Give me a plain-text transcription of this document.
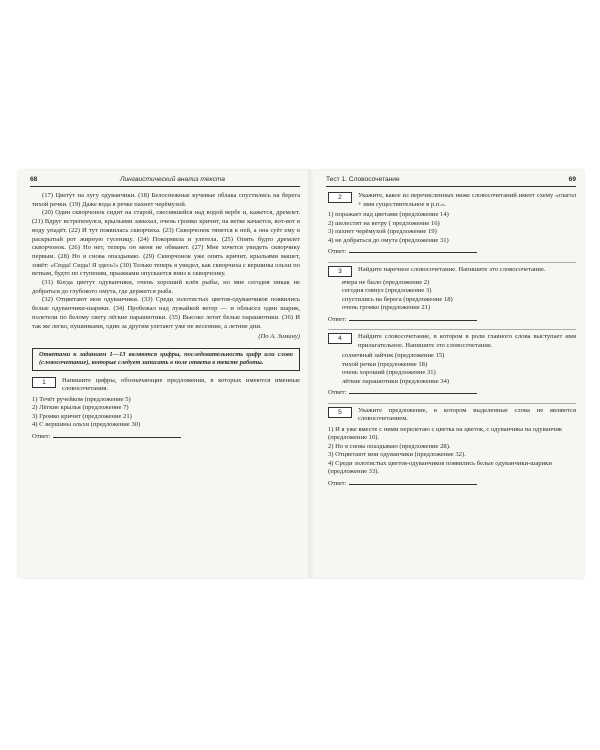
68	Лингвистический анализ текста

(17) Цветут на лугу одуванчики. (18) Белоснежные кучевые облака спустились на берега тихой речки. (19) Даже вода в речке пахнет черёмухой.

(20) Один скворчонок сидит на старой, свесившейся над водой вербе и, кажется, дремлет. (21) Вдруг встрепенулся, крыльями замахал, очень громко кричит, на ветке качается, вот-вот в воду упадёт. (22) И тут появилась скворчиха. (23) Скворчонок тянется к ней, а она суёт ему в раскрытый рот жирную гусеницу. (24) Покормила и улетела. (25) Опять будто дремлет скворчонок. (26) Но нет, теперь он меня не обманет. (27) Мне хочется увидеть скворчику первым. (28) Но я снова опаздываю. (29) Скворчонок уже опять кричит, крыльями машет, зовёт: «Сюда! Сюда! Я здесь!» (30) Только теперь я увидел, как скворчиха с вершины ольхи по веткам, будто по ступеням, прыжками опускается вниз к скворчонку.

(31) Когда цветут одуванчики, очень хороший клёв рыбы, но мне сегодня никак не добраться до глубокого омута, где держится рыба.

(32) Отцветают мои одуванчики. (33) Среди золотистых цветов-одуванчиков появились белые одуванчики-шарики. (34) Пробежал над лужайкой ветер — и облысел один шарик, полетели по белому свету лёгкие парашютики. (35) Высоко летят белые парашютики. (36) И так же легко, пушинками, один за другим улетают уже не весенние, а летние дни.

(По А. Зимину)
Ответами к заданиям 1—13 являются цифры, последовательность цифр или слово (словосочетание), которые следует записать в поле ответа в тексте работы.
1	Напишите цифры, обозначающие предложения, в которых имеются именные словосочетания.
1) Течёт ручейком (предложение 5)
2) Лёгкие крылья (предложение 7)
3) Громко кричит (предложение 21)
4) С вершины ольхи (предложение 30)
Ответ:
Тест 1. Словосочетание	69
2	Укажите, какое из перечисленных ниже словосочетаний имеет схему «глагол + имя существительное в р.п.».
1) поражает над цветами (предложение 14)
2) шелестит на ветру ( предложение 16)
3) пахнет черёмухой (предложение 19)
4) не добраться до омута (предложение 31)
Ответ:
3	Найдите наречное словосочетание. Напишите это словосочетание.
вчера не было (предложение 2)
сегодня глянул (предложение 3)
спустились на берега (предложение 18)
очень громко (предложение 21)
Ответ:
4	Найдите словосочетание, в котором в роли главного слова выступает имя прилагательное. Напишите это словосочетание.
солнечный зайчик (предложение 15)
тихой речки (предложение 18)
очень хороший (предложение 31)
лёгкие парашютики (предложение 34)
Ответ:
5	Укажите предложение, в котором выделенные слова не являются словосочетанием.
1) И я уже вместе с ними перелетаю с цветка на цветок, с одуванчика на одуванчик (предложение 10).
2) Но я снова опаздываю (предложение 28).
3) Отцветают мои одуванчики (предложение 32).
4) Среди золотистых цветов-одуванчиков появились белые одуванчики-шарики (предложение 33).
Ответ:
